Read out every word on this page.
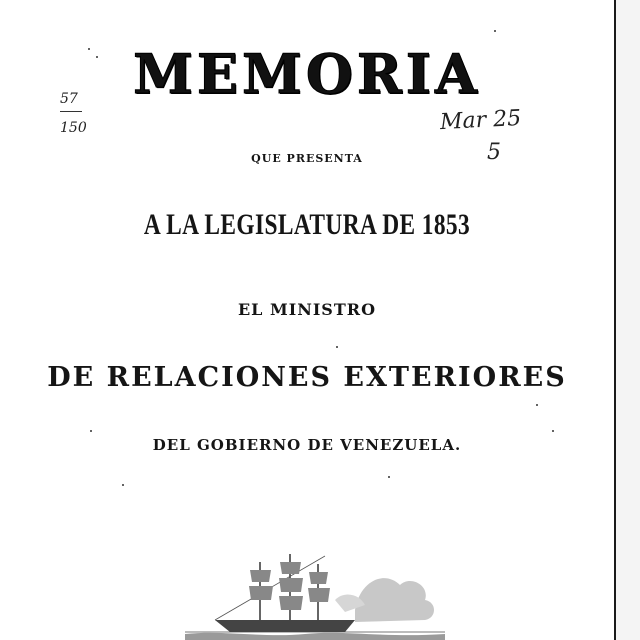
57
150	Mar 25
5
MEMORIA
QUE PRESENTA
A LA LEGISLATURA DE 1853
EL MINISTRO
DE RELACIONES EXTERIORES
DEL GOBIERNO DE VENEZUELA.
